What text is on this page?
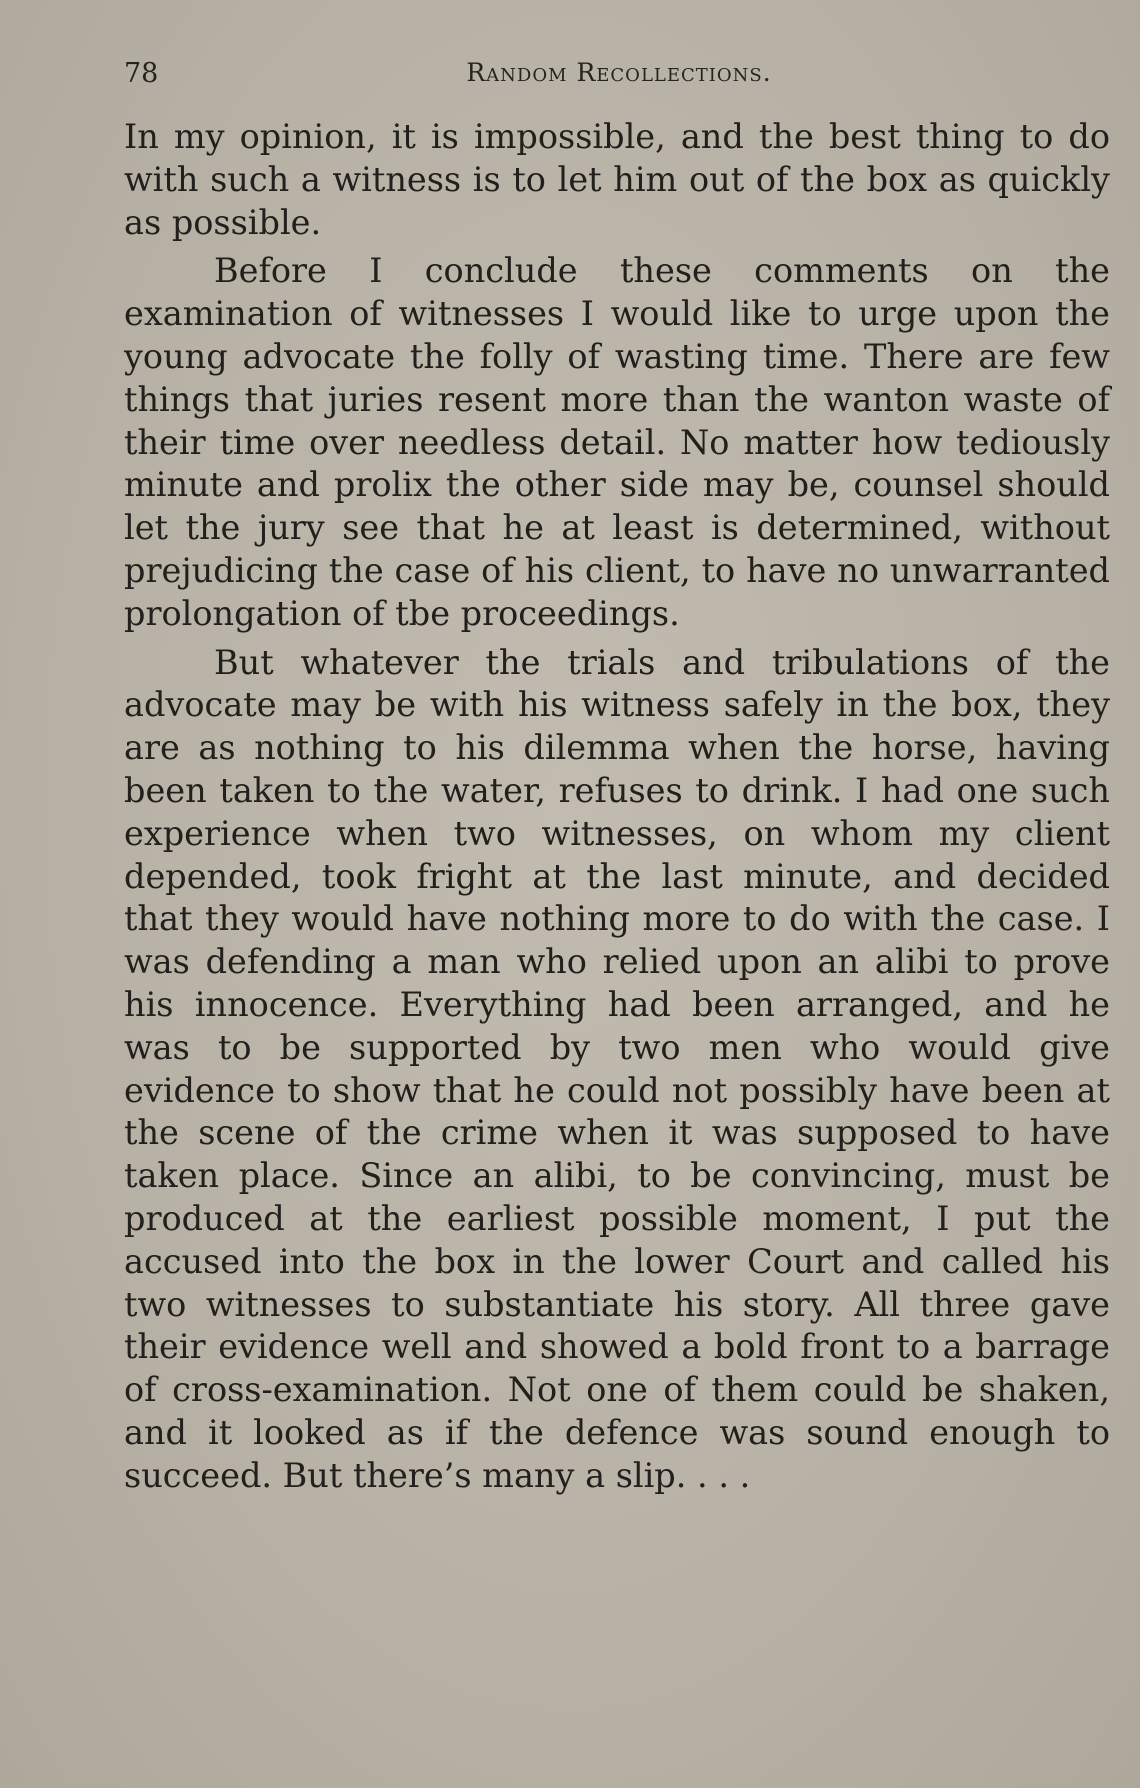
78	Random Recollections.

In my opinion, it is impossible, and the best thing to do with such a witness is to let him out of the box as quickly as possible.

Before I conclude these comments on the examination of witnesses I would like to urge upon the young advocate the folly of wasting time. There are few things that juries resent more than the wanton waste of their time over needless detail. No matter how tediously minute and prolix the other side may be, counsel should let the jury see that he at least is determined, without prejudicing the case of his client, to have no unwarranted prolongation of tbe proceedings.

But whatever the trials and tribulations of the advocate may be with his witness safely in the box, they are as nothing to his dilemma when the horse, having been taken to the water, refuses to drink. I had one such experience when two witnesses, on whom my client depended, took fright at the last minute, and decided that they would have nothing more to do with the case. I was defending a man who relied upon an alibi to prove his innocence. Everything had been arranged, and he was to be supported by two men who would give evidence to show that he could not possibly have been at the scene of the crime when it was supposed to have taken place. Since an alibi, to be convincing, must be produced at the earliest possible moment, I put the accused into the box in the lower Court and called his two witnesses to substantiate his story. All three gave their evidence well and showed a bold front to a barrage of cross-examination. Not one of them could be shaken, and it looked as if the defence was sound enough to succeed. But there’s many a slip. . . .
